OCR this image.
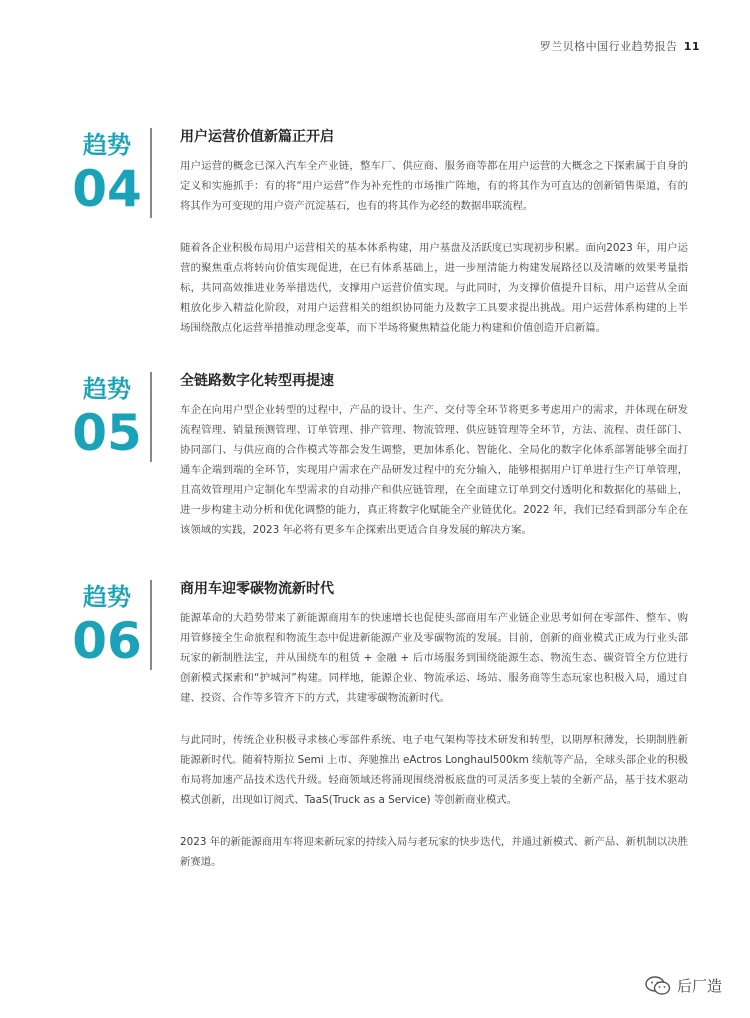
罗兰贝格中国行业趋势报告 11
趋势
04
用户运营价值新篇正开启

用户运营的概念已深入汽车全产业链，整车厂、供应商、服务商等都在用户运营的大概念之下探索属于自身的定义和实施抓手：有的将“用户运营”作为补充性的市场推广阵地，有的将其作为可直达的创新销售渠道，有的将其作为可变现的用户资产沉淀基石，也有的将其作为必经的数据串联流程。

随着各企业积极布局用户运营相关的基本体系构建，用户基盘及活跃度已实现初步积累。面向2023 年，用户运营的聚焦重点将转向价值实现促进，在已有体系基础上，进一步厘清能力构建发展路径以及清晰的效果考量指标，共同高效推进业务举措迭代，支撑用户运营价值实现。与此同时，为支撑价值提升目标，用户运营从全面粗放化步入精益化阶段，对用户运营相关的组织协同能力及数字工具要求提出挑战。用户运营体系构建的上半场围绕散点化运营举措推动理念变革，而下半场将聚焦精益化能力构建和价值创造开启新篇。

趋势
05
全链路数字化转型再提速

车企在向用户型企业转型的过程中，产品的设计、生产、交付等全环节将更多考虑用户的需求，并体现在研发流程管理、销量预测管理、订单管理、排产管理、物流管理、供应链管理等全环节，方法、流程、责任部门、协同部门、与供应商的合作模式等都会发生调整，更加体系化、智能化、全局化的数字化体系部署能够全面打通车企端到端的全环节，实现用户需求在产品研发过程中的充分输入，能够根据用户订单进行生产订单管理，且高效管理用户定制化车型需求的自动排产和供应链管理，在全面建立订单到交付透明化和数据化的基础上，进一步构建主动分析和优化调整的能力，真正将数字化赋能全产业链优化。2022 年，我们已经看到部分车企在该领域的实践，2023 年必将有更多车企探索出更适合自身发展的解决方案。

趋势
06
商用车迎零碳物流新时代

能源革命的大趋势带来了新能源商用车的快速增长也促使头部商用车产业链企业思考如何在零部件、整车、购用管修接全生命旅程和物流生态中促进新能源产业及零碳物流的发展。目前，创新的商业模式正成为行业头部玩家的新制胜法宝，并从围绕车的租赁 + 金融 + 后市场服务到围绕能源生态、物流生态、碳资管全方位进行创新模式探索和“护城河”构建。同样地，能源企业、物流承运、场站、服务商等生态玩家也积极入局，通过自建、投资、合作等多管齐下的方式，共建零碳物流新时代。

与此同时，传统企业积极寻求核心零部件系统、电子电气架构等技术研发和转型，以期厚积薄发，长期制胜新能源新时代。随着特斯拉 Semi 上市、奔驰推出 eActros Longhaul500km 续航等产品，全球头部企业的积极布局将加速产品技术迭代升级。轻商领域还将涌现围绕滑板底盘的可灵活多变上装的全新产品，基于技术驱动模式创新，出现如订阅式、TaaS(Truck as a Service) 等创新商业模式。

2023 年的新能源商用车将迎来新玩家的持续入局与老玩家的快步迭代，并通过新模式、新产品、新机制以决胜新赛道。

后厂造
